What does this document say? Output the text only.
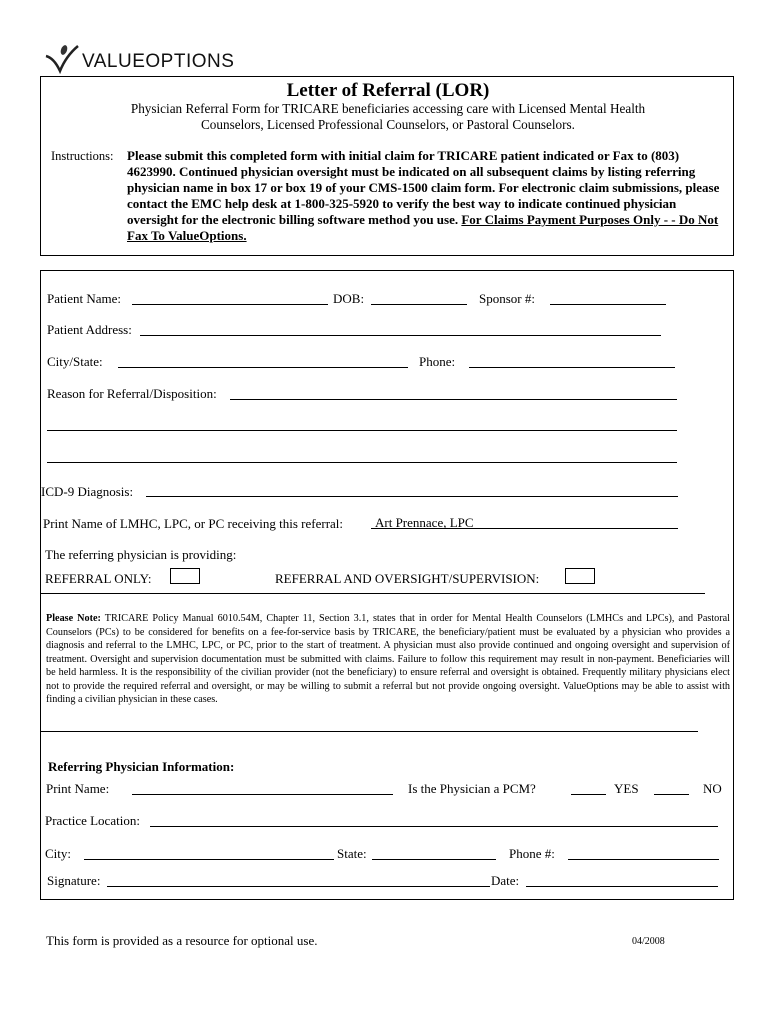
VALUEOPTIONS
Letter of Referral (LOR)
Physician Referral Form for TRICARE beneficiaries accessing care with Licensed Mental Health Counselors, Licensed Professional Counselors, or Pastoral Counselors.
Instructions: Please submit this completed form with initial claim for TRICARE patient indicated or Fax to (803) 4623990. Continued physician oversight must be indicated on all subsequent claims by listing referring physician name in box 17 or box 19 of your CMS-1500 claim form. For electronic claim submissions, please contact the EMC help desk at 1-800-325-5920 to verify the best way to indicate continued physician oversight for the electronic billing software method you use. For Claims Payment Purposes Only - - Do Not Fax To ValueOptions.
Patient Name:	DOB:	Sponsor #:
Patient Address:
City/State:	Phone:
Reason for Referral/Disposition:
ICD-9 Diagnosis:
Print Name of LMHC, LPC, or PC receiving this referral: Art Prennace, LPC
The referring physician is providing:
REFERRAL ONLY:	REFERRAL AND OVERSIGHT/SUPERVISION:
Please Note: TRICARE Policy Manual 6010.54M, Chapter 11, Section 3.1, states that in order for Mental Health Counselors (LMHCs and LPCs), and Pastoral Counselors (PCs) to be considered for benefits on a fee-for-service basis by TRICARE, the beneficiary/patient must be evaluated by a physician who provides a diagnosis and referral to the LMHC, LPC, or PC, prior to the start of treatment. A physician must also provide continued and ongoing oversight and supervision of treatment. Oversight and supervision documentation must be submitted with claims. Failure to follow this requirement may result in non-payment. Beneficiaries will be held harmless. It is the responsibility of the civilian provider (not the beneficiary) to ensure referral and oversight is obtained. Frequently military physicians elect not to provide the required referral and oversight, or may be willing to submit a referral but not provide ongoing oversight. ValueOptions may be able to assist with finding a civilian physician in these cases.
Referring Physician Information:
Print Name:	Is the Physician a PCM?	YES	NO
Practice Location:
City:	State:	Phone #:
Signature:	Date:
This form is provided as a resource for optional use.	04/2008
